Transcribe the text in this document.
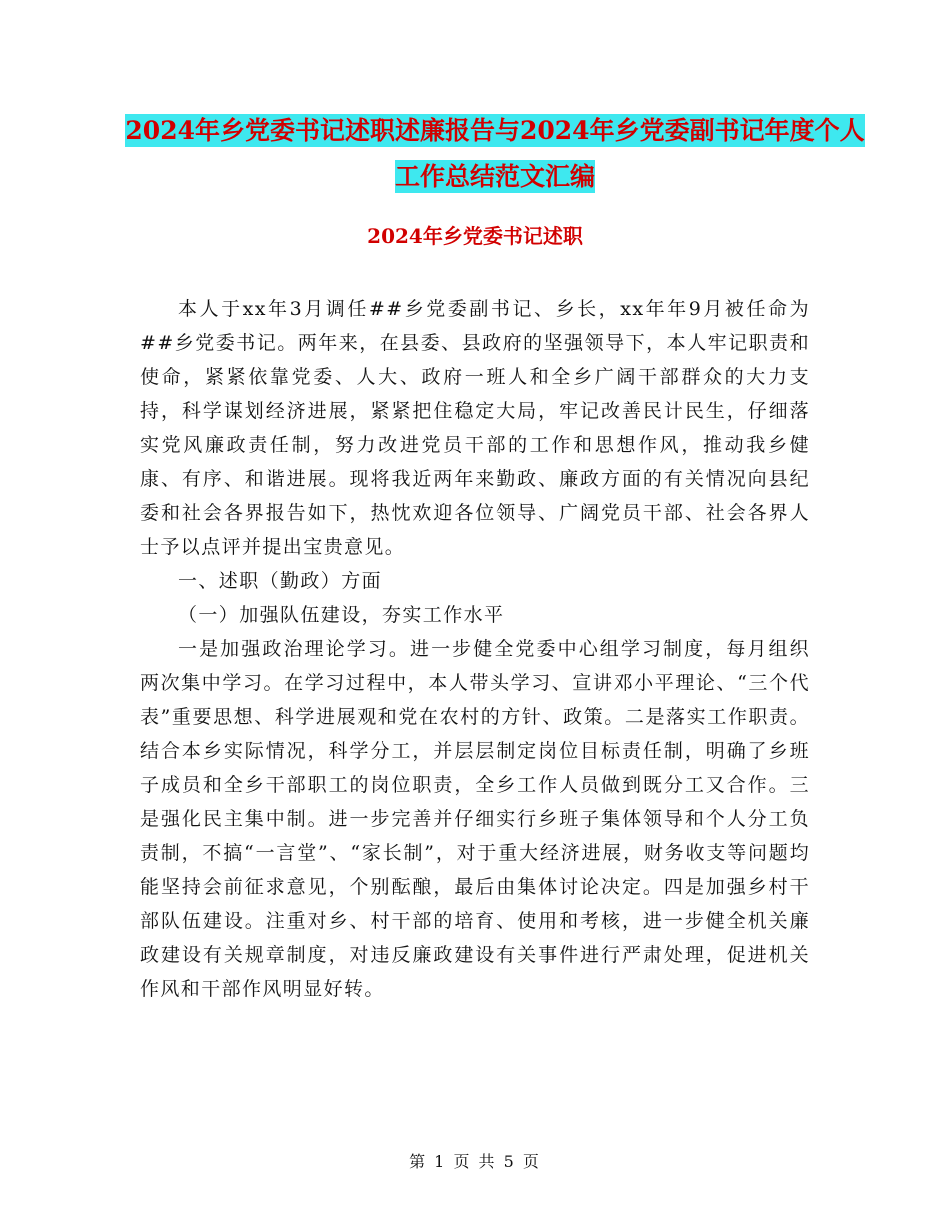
2024年乡党委书记述职述廉报告与2024年乡党委副书记年度个人工作总结范文汇编
2024年乡党委书记述职

本人于xx年3月调任##乡党委副书记、乡长，xx年年9月被任命为##乡党委书记。两年来，在县委、县政府的坚强领导下，本人牢记职责和使命，紧紧依靠党委、人大、政府一班人和全乡广阔干部群众的大力支持，科学谋划经济进展，紧紧把住稳定大局，牢记改善民计民生，仔细落实党风廉政责任制，努力改进党员干部的工作和思想作风，推动我乡健康、有序、和谐进展。现将我近两年来勤政、廉政方面的有关情况向县纪委和社会各界报告如下，热忱欢迎各位领导、广阔党员干部、社会各界人士予以点评并提出宝贵意见。

一、述职（勤政）方面

（一）加强队伍建设，夯实工作水平

一是加强政治理论学习。进一步健全党委中心组学习制度，每月组织两次集中学习。在学习过程中，本人带头学习、宣讲邓小平理论、“三个代表”重要思想、科学进展观和党在农村的方针、政策。二是落实工作职责。结合本乡实际情况，科学分工，并层层制定岗位目标责任制，明确了乡班子成员和全乡干部职工的岗位职责，全乡工作人员做到既分工又合作。三是强化民主集中制。进一步完善并仔细实行乡班子集体领导和个人分工负责制，不搞“一言堂”、“家长制”，对于重大经济进展，财务收支等问题均能坚持会前征求意见，个别酝酿，最后由集体讨论决定。四是加强乡村干部队伍建设。注重对乡、村干部的培育、使用和考核，进一步健全机关廉政建设有关规章制度，对违反廉政建设有关事件进行严肃处理，促进机关作风和干部作风明显好转。

第 1 页 共 5 页
